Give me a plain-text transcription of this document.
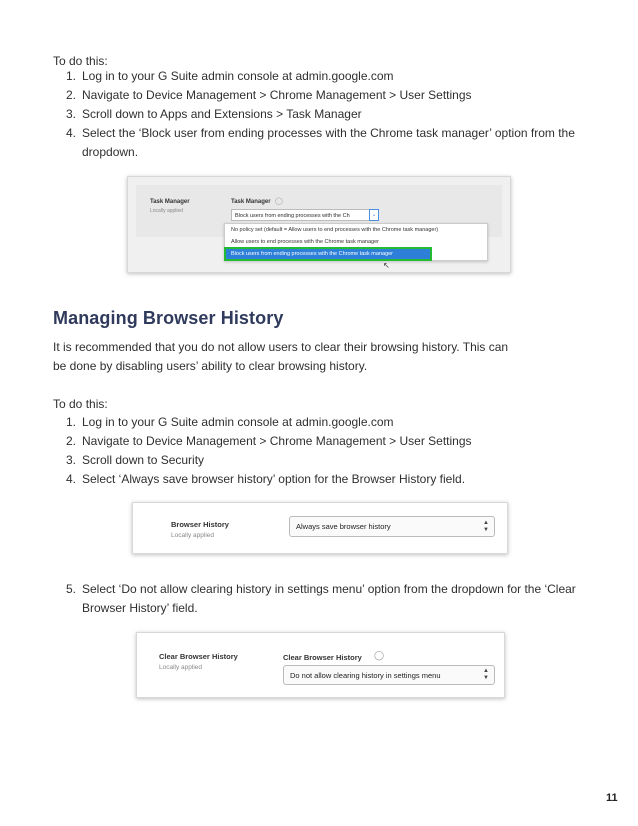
To do this:
1. Log in to your G Suite admin console at admin.google.com
2. Navigate to Device Management > Chrome Management > User Settings
3. Scroll down to Apps and Extensions > Task Manager
4. Select the ‘Block user from ending processes with the Chrome task manager’ option from the dropdown.
Task Manager
Locally applied
Task Manager ◯
Block users from ending processes with the Ch	⌄
No policy set (default = Allow users to end processes with the Chrome task manager)
Allow users to end processes with the Chrome task manager
Block users from ending processes with the Chrome task manager
↖
Managing Browser History
It is recommended that you do not allow users to clear their browsing history. This can
be done by disabling users’ ability to clear browsing history.
To do this:
1. Log in to your G Suite admin console at admin.google.com
2. Navigate to Device Management > Chrome Management > User Settings
3. Scroll down to Security
4. Select ‘Always save browser history’ option for the Browser History field.
Browser History
Locally applied
Always save browser history	▲
▼
5. Select ‘Do not allow clearing history in settings menu’ option from the dropdown for the ‘Clear Browser History’ field.
Clear Browser History
Locally applied
Clear Browser History ◯
Do not allow clearing history in settings menu	▲
▼
11
